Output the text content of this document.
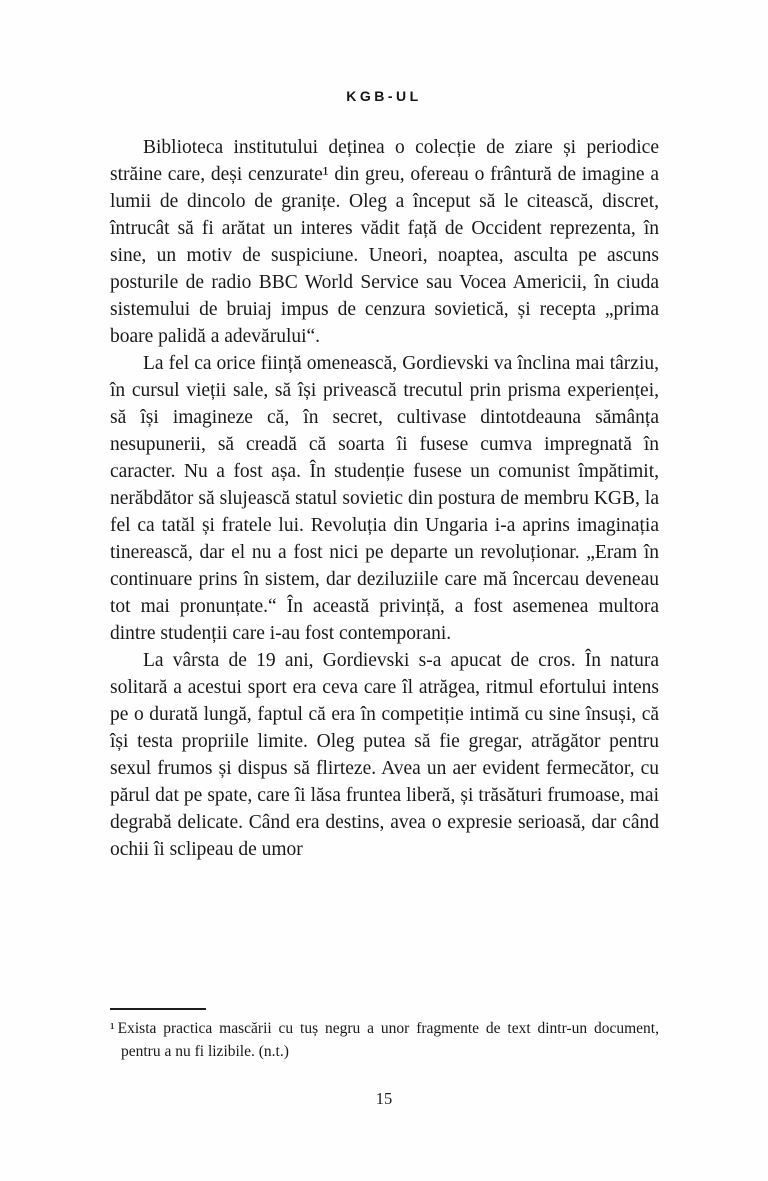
KGB-UL

Biblioteca institutului deținea o colecție de ziare și periodice străine care, deși cenzurate¹ din greu, ofereau o frântură de imagine a lumii de dincolo de granițe. Oleg a început să le citească, discret, întrucât să fi arătat un interes vădit față de Occident reprezenta, în sine, un motiv de suspiciune. Uneori, noaptea, asculta pe ascuns posturile de radio BBC World Service sau Vocea Americii, în ciuda sistemului de bruiaj impus de cenzura sovietică, și recepta „prima boare palidă a adevărului“.

La fel ca orice ființă omenească, Gordievski va înclina mai târziu, în cursul vieții sale, să își privească trecutul prin prisma experienței, să își imagineze că, în secret, cultivase dintotdeauna sămânța nesupunerii, să creadă că soarta îi fusese cumva impregnată în caracter. Nu a fost așa. În studenție fusese un comunist împătimit, nerăbdător să slujească statul sovietic din postura de membru KGB, la fel ca tatăl și fratele lui. Revoluția din Ungaria i-a aprins imaginația tinerească, dar el nu a fost nici pe departe un revoluționar. „Eram în continuare prins în sistem, dar deziluziile care mă încercau deveneau tot mai pronunțate.“ În această privință, a fost asemenea multora dintre studenții care i-au fost contemporani.

La vârsta de 19 ani, Gordievski s-a apucat de cros. În natura solitară a acestui sport era ceva care îl atrăgea, ritmul efortului intens pe o durată lungă, faptul că era în competiție intimă cu sine însuși, că își testa propriile limite. Oleg putea să fie gregar, atrăgător pentru sexul frumos și dispus să flirteze. Avea un aer evident fermecător, cu părul dat pe spate, care îi lăsa fruntea liberă, și trăsături frumoase, mai degrabă delicate. Când era destins, avea o expresie serioasă, dar când ochii îi sclipeau de umor

¹ Exista practica mascării cu tuș negru a unor fragmente de text dintr-un document, pentru a nu fi lizibile. (n.t.)

15
